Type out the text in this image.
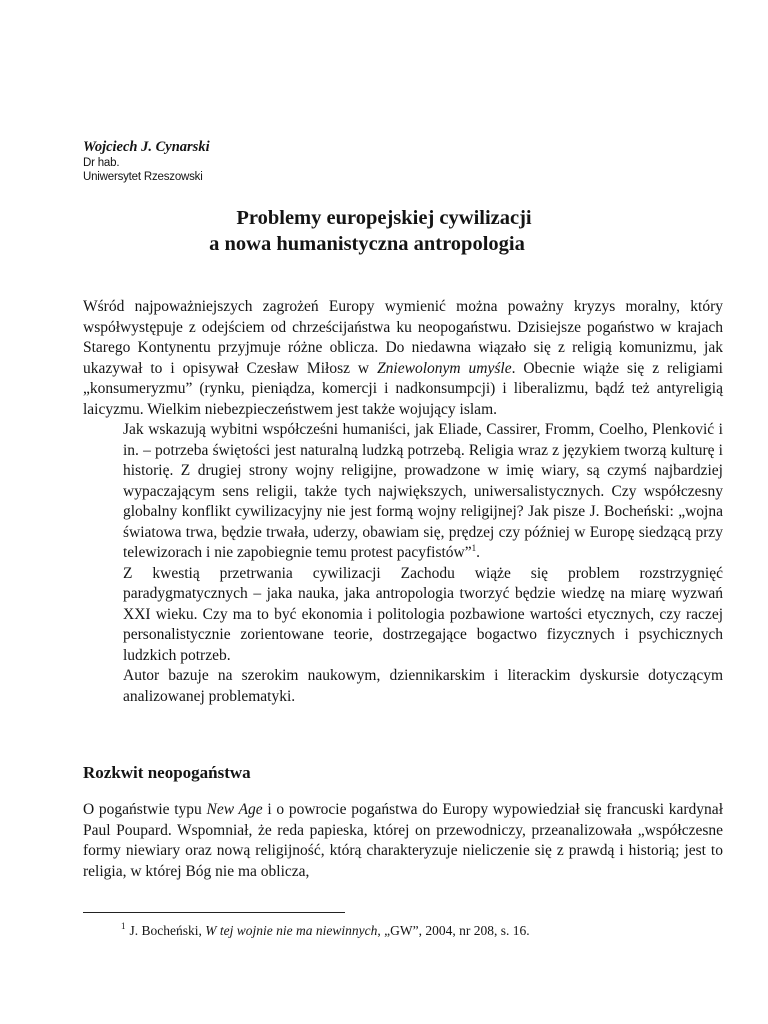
Wojciech J. Cynarski
Dr hab.
Uniwersytet Rzeszowski
Problemy europejskiej cywilizacji
a nowa humanistyczna antropologia

Wśród najpoważniejszych zagrożeń Europy wymienić można poważny kryzys moralny, który współwystępuje z odejściem od chrześcijaństwa ku neopogaństwu. Dzisiejsze pogaństwo w krajach Starego Kontynentu przyjmuje różne oblicza. Do niedawna wiązało się z religią komunizmu, jak ukazywał to i opisywał Czesław Miłosz w Zniewolonym umyśle. Obecnie wiąże się z religiami „konsumeryzmu” (rynku, pieniądza, komercji i nadkonsumpcji) i liberalizmu, bądź też antyreligią laicyzmu. Wielkim niebezpieczeństwem jest także wojujący islam.

Jak wskazują wybitni współcześni humaniści, jak Eliade, Cassirer, Fromm, Coelho, Plenković i in. – potrzeba świętości jest naturalną ludzką potrzebą. Religia wraz z językiem tworzą kulturę i historię. Z drugiej strony wojny religijne, prowadzone w imię wiary, są czymś najbardziej wypaczającym sens religii, także tych największych, uniwersalistycznych. Czy współczesny globalny konflikt cywilizacyjny nie jest formą wojny religijnej? Jak pisze J. Bocheński: „wojna światowa trwa, będzie trwała, uderzy, obawiam się, prędzej czy później w Europę siedzącą przy telewizorach i nie zapobiegnie temu protest pacyfistów”$^1$.

Z kwestią przetrwania cywilizacji Zachodu wiąże się problem rozstrzygnięć paradygmatycznych – jaka nauka, jaka antropologia tworzyć będzie wiedzę na miarę wyzwań XXI wieku. Czy ma to być ekonomia i politologia pozbawione wartości etycznych, czy raczej personalistycznie zorientowane teorie, dostrzegające bogactwo fizycznych i psychicznych ludzkich potrzeb.

Autor bazuje na szerokim naukowym, dziennikarskim i literackim dyskursie dotyczącym analizowanej problematyki.

Rozkwit neopogaństwa

O pogaństwie typu New Age i o powrocie pogaństwa do Europy wypowiedział się francuski kardynał Paul Poupard. Wspomniał, że reda papieska, której on przewodniczy, przeanalizowała „współczesne formy niewiary oraz nową religijność, którą charakteryzuje nieliczenie się z prawdą i historią; jest to religia, w której Bóg nie ma oblicza,

$^1$ J. Bocheński, W tej wojnie nie ma niewinnych, „GW”, 2004, nr 208, s. 16.
